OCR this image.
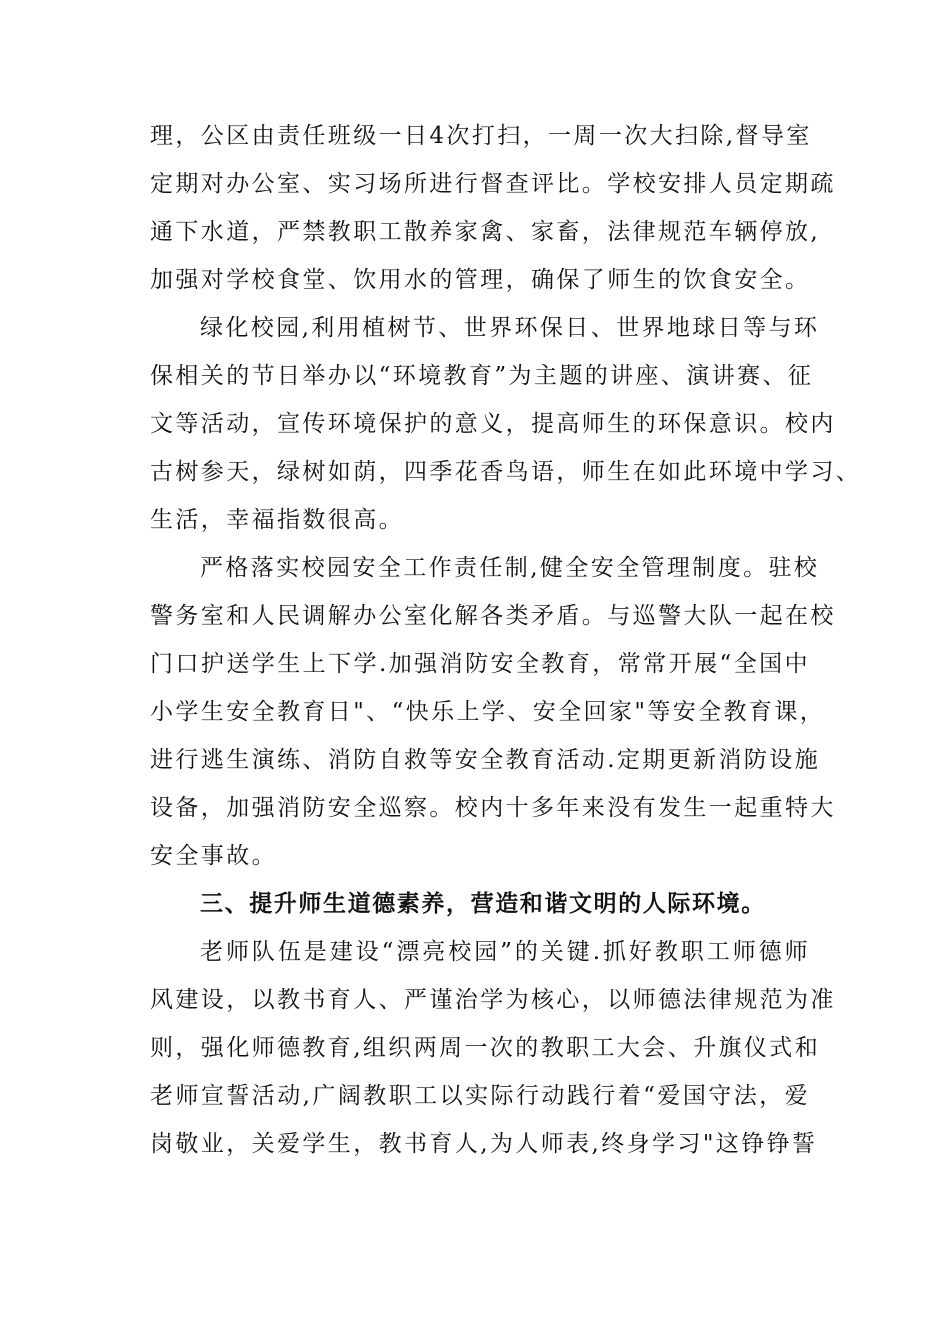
理，公区由责任班级一日4次打扫，一周一次大扫除,督导室
定期对办公室、实习场所进行督查评比。学校安排人员定期疏
通下水道，严禁教职工散养家禽、家畜，法律规范车辆停放,
加强对学校食堂、饮用水的管理，确保了师生的饮食安全。
绿化校园,利用植树节、世界环保日、世界地球日等与环
保相关的节日举办以“环境教育”为主题的讲座、演讲赛、征
文等活动，宣传环境保护的意义，提高师生的环保意识。校内
古树参天，绿树如荫，四季花香鸟语，师生在如此环境中学习、
生活，幸福指数很高。
严格落实校园安全工作责任制,健全安全管理制度。驻校
警务室和人民调解办公室化解各类矛盾。与巡警大队一起在校
门口护送学生上下学.加强消防安全教育，常常开展“全国中
小学生安全教育日"、“快乐上学、安全回家"等安全教育课，
进行逃生演练、消防自救等安全教育活动.定期更新消防设施
设备，加强消防安全巡察。校内十多年来没有发生一起重特大
安全事故。
三、提升师生道德素养，营造和谐文明的人际环境。
老师队伍是建设“漂亮校园”的关键.抓好教职工师德师
风建设，以教书育人、严谨治学为核心，以师德法律规范为准
则，强化师德教育,组织两周一次的教职工大会、升旗仪式和
老师宣誓活动,广阔教职工以实际行动践行着“爱国守法，爱
岗敬业，关爱学生，教书育人,为人师表,终身学习"这铮铮誓
